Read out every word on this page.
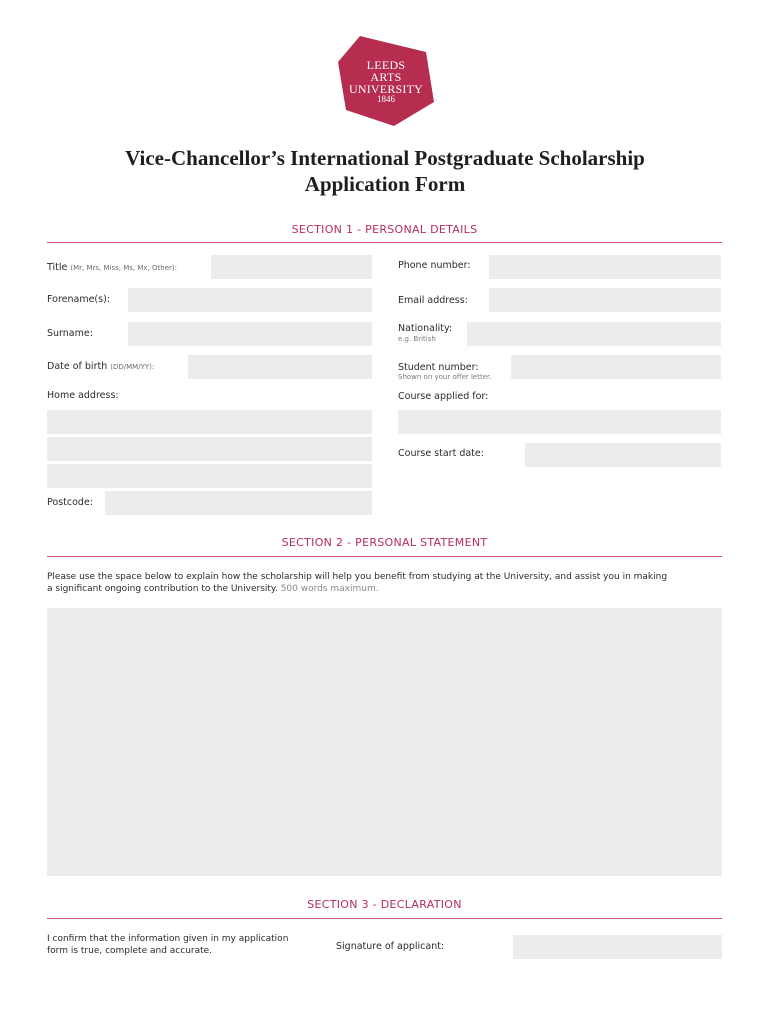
LEEDS
ARTS
UNIVERSITY
1846
Vice-Chancellor’s International Postgraduate Scholarship
Application Form
SECTION 1 - PERSONAL DETAILS
Title (Mr, Mrs, Miss, Ms, Mx, Other):
Forename(s):
Surname:
Date of birth (DD/MM/YY):
Home address:
Postcode:
Phone number:
Email address:
Nationality:
e.g. British
Student number:
Shown on your offer letter.
Course applied for:
Course start date:
SECTION 2 - PERSONAL STATEMENT
Please use the space below to explain how the scholarship will help you benefit from studying at the University, and assist you in making
a significant ongoing contribution to the University. 500 words maximum.
SECTION 3 - DECLARATION
I confirm that the information given in my application
form is true, complete and accurate.	Signature of applicant:
